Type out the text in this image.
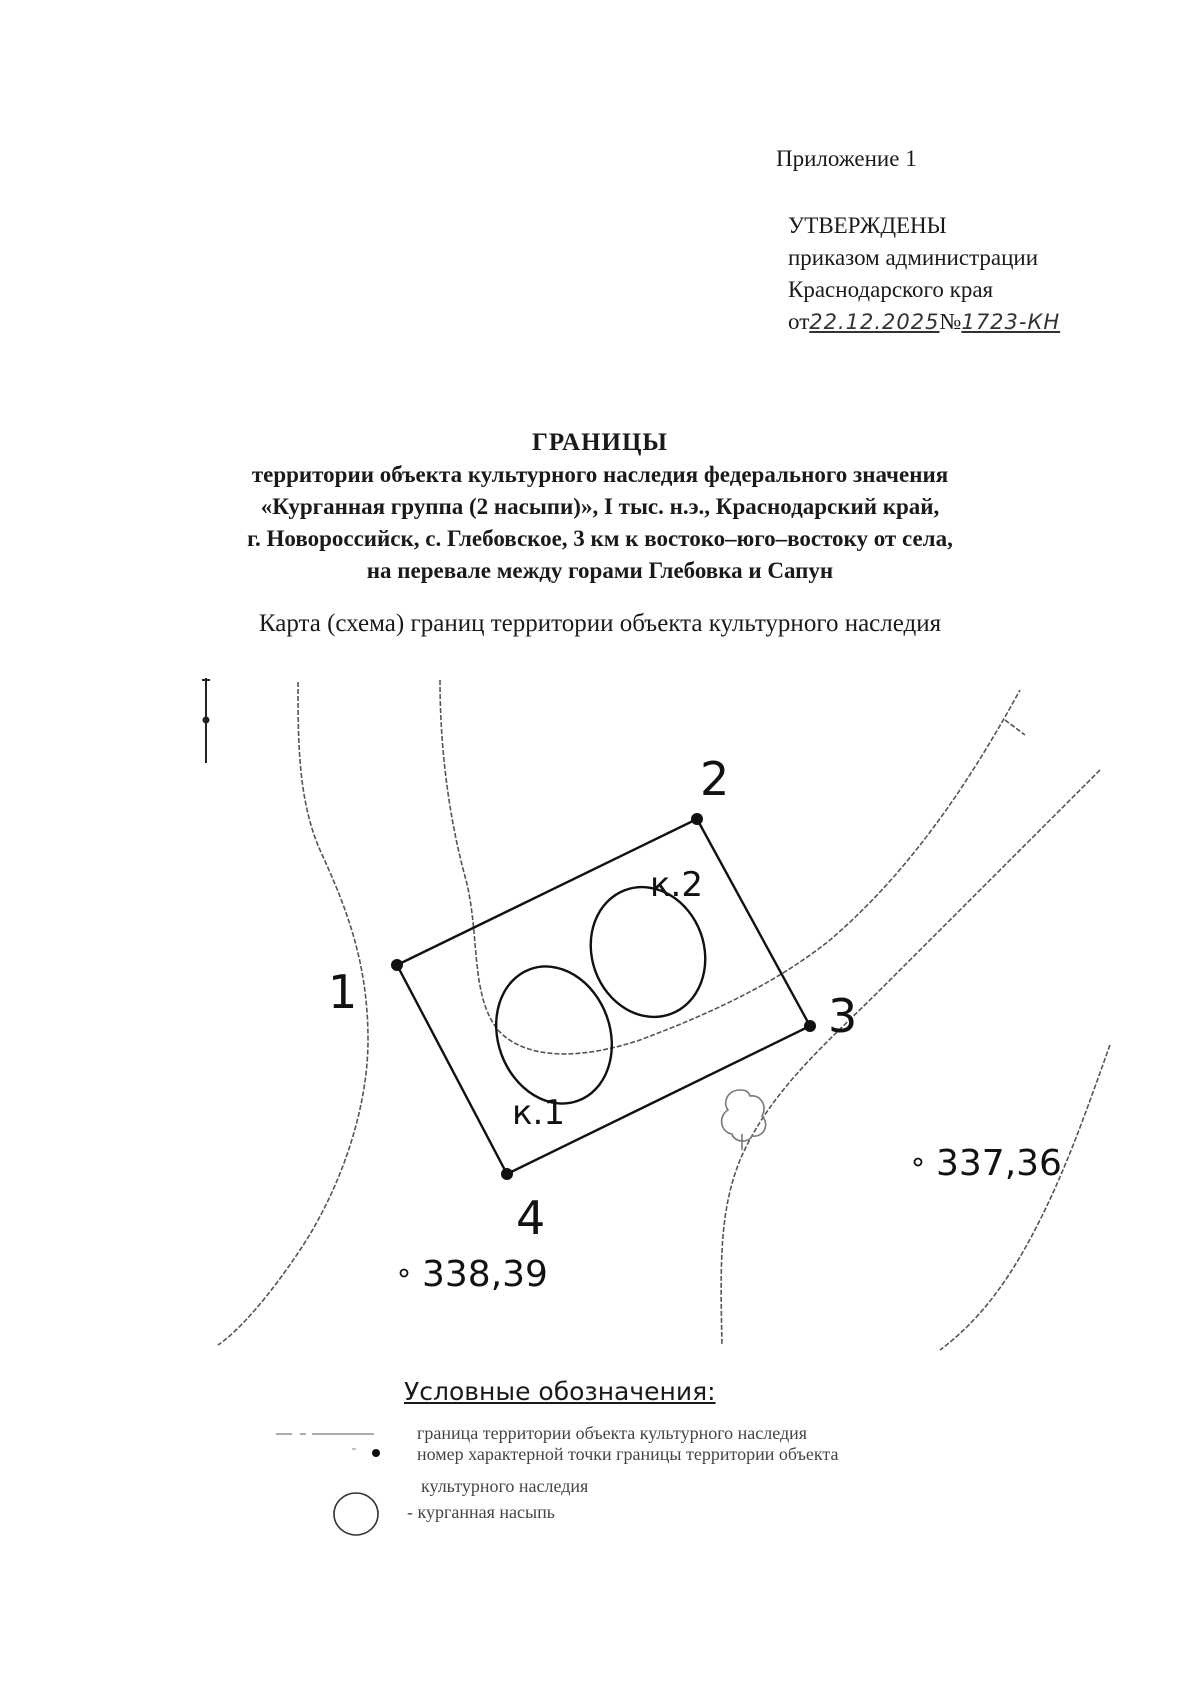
Приложение 1
УТВЕРЖДЕНЫ
приказом администрации
Краснодарского края
от22.12.2025№1723-КН
ГРАНИЦЫ
территории объекта культурного наследия федерального значения
«Курганная группа (2 насыпи)», I тыс. н.э., Краснодарский край,
г. Новороссийск, с. Глебовское, 3 км к востоко–юго–востоку от села,
на перевале между горами Глебовка и Сапун
Карта (схема) границ территории объекта культурного наследия
1
2
3
4
к.1
к.2
337,36
338,39
Условные обозначения:
граница территории объекта культурного наследия
номер характерной точки границы территории объекта
культурного наследия
- курганная насыпь
